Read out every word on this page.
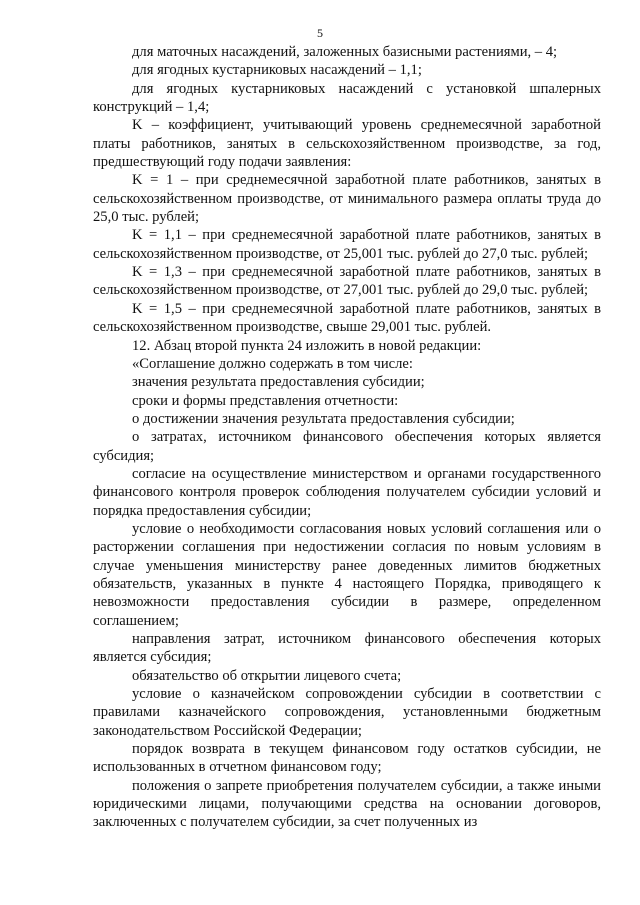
5

для маточных насаждений, заложенных базисными растениями, – 4;

для ягодных кустарниковых насаждений – 1,1;

для ягодных кустарниковых насаждений с установкой шпалерных конструкций – 1,4;

K – коэффициент, учитывающий уровень среднемесячной заработной платы работников, занятых в сельскохозяйственном производстве, за год, предшествующий году подачи заявления:

K = 1 – при среднемесячной заработной плате работников, занятых в сельскохозяйственном производстве, от минимального размера оплаты труда до 25,0 тыс. рублей;

K = 1,1 – при среднемесячной заработной плате работников, занятых в сельскохозяйственном производстве, от 25,001 тыс. рублей до 27,0 тыс. рублей;

K = 1,3 – при среднемесячной заработной плате работников, занятых в сельскохозяйственном производстве, от 27,001 тыс. рублей до 29,0 тыс. рублей;

K = 1,5 – при среднемесячной заработной плате работников, занятых в сельскохозяйственном производстве, свыше 29,001 тыс. рублей.

12. Абзац второй пункта 24 изложить в новой редакции:

«Соглашение должно содержать в том числе:

значения результата предоставления субсидии;

сроки и формы представления отчетности:

о достижении значения результата предоставления субсидии;

о затратах, источником финансового обеспечения которых является субсидия;

согласие на осуществление министерством и органами государственного финансового контроля проверок соблюдения получателем субсидии условий и порядка предоставления субсидии;

условие о необходимости согласования новых условий соглашения или о расторжении соглашения при недостижении согласия по новым условиям в случае уменьшения министерству ранее доведенных лимитов бюджетных обязательств, указанных в пункте 4 настоящего Порядка, приводящего к невозможности предоставления субсидии в размере, определенном соглашением;

направления затрат, источником финансового обеспечения которых является субсидия;

обязательство об открытии лицевого счета;

условие о казначейском сопровождении субсидии в соответствии с правилами казначейского сопровождения, установленными бюджетным законодательством Российской Федерации;

порядок возврата в текущем финансовом году остатков субсидии, не использованных в отчетном финансовом году;

положения о запрете приобретения получателем субсидии, а также иными юридическими лицами, получающими средства на основании договоров, заключенных с получателем субсидии, за счет полученных из
